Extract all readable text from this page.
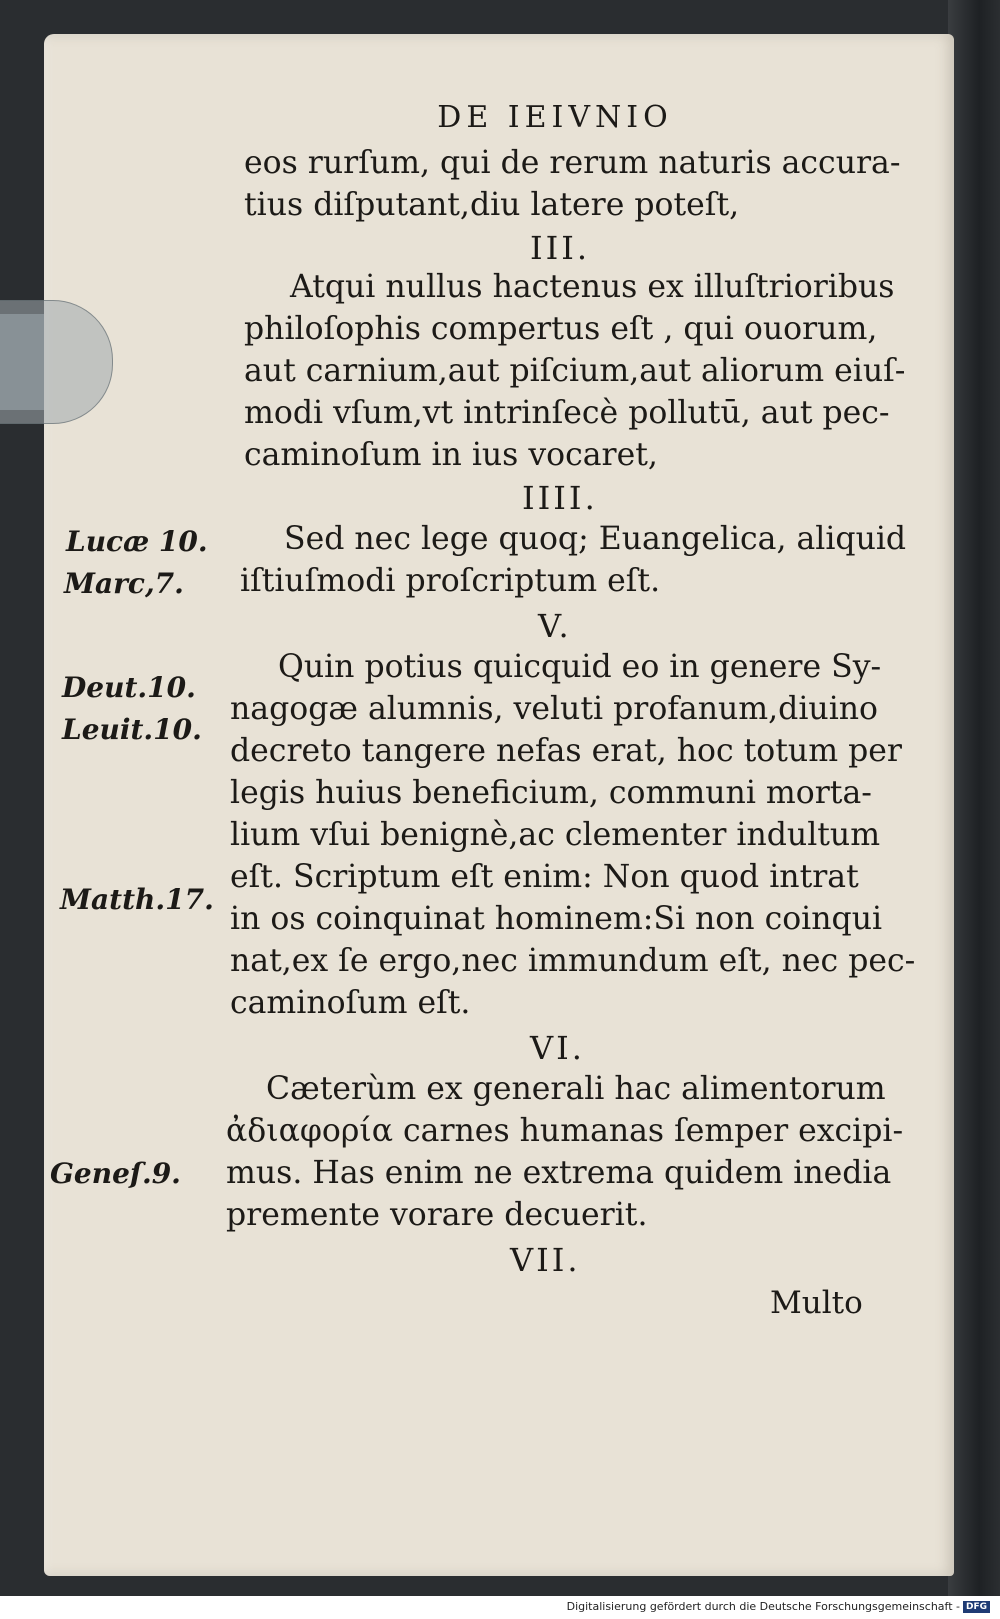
DE IEIVNIO
eos rurſum, qui de rerum naturis accura-
tius diſputant,diu latere poteſt,
III.
Atqui nullus hactenus ex illuſtrioribus
philoſophis compertus eſt , qui ouorum,
aut carnium,aut piſcium,aut aliorum eiuſ-
modi vſum,vt intrinſecè pollutū, aut pec-
caminoſum in ius vocaret,
IIII.
Lucæ 10. Sed nec lege quoq; Euangelica, aliquid
Marc,7. iſtiuſmodi proſcriptum eſt.
V.
Quin potius quicquid eo in genere Sy-
Deut.10.
nagogæ alumnis, veluti profanum,diuino
Leuit.10.
decreto tangere nefas erat, hoc totum per
legis huius beneficium, communi morta-
lium vſui benignè,ac clementer indultum
eſt. Scriptum eſt enim: Non quod intrat
Matth.17.
in os coinquinat hominem:Si non coinqui
nat,ex ſe ergo,nec immundum eſt, nec pec-
caminoſum eſt.
VI.
Cæterùm ex generali hac alimentorum
ἀδιαφορία carnes humanas ſemper excipi-
Geneſ.9. mus. Has enim ne extrema quidem inedia
premente vorare decuerit.
VII.
Multo
Digitalisierung gefördert durch die Deutsche Forschungsgemeinschaft - DFG
